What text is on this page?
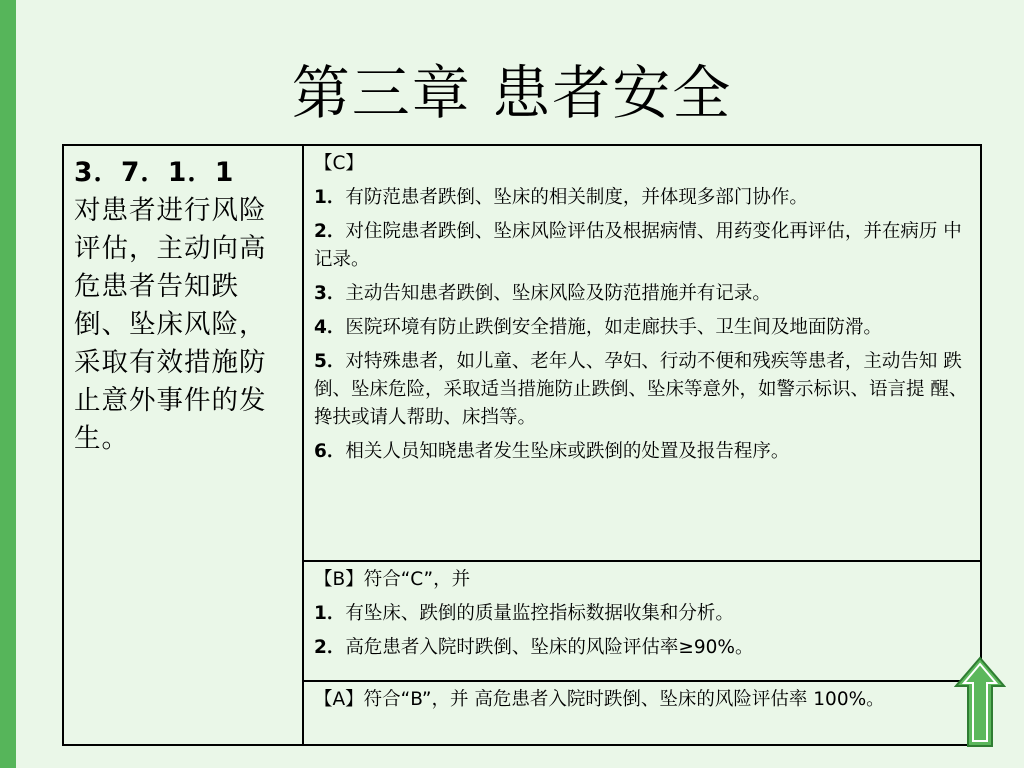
第三章 患者安全
3．7．1．1
对患者进行风险评估，主动向高危患者告知跌倒、坠床风险，采取有效措施防止意外事件的发生。

【C】

1．有防范患者跌倒、坠床的相关制度，并体现多部门协作。

2．对住院患者跌倒、坠床风险评估及根据病情、用药变化再评估，并在病历 中记录。

3．主动告知患者跌倒、坠床风险及防范措施并有记录。

4．医院环境有防止跌倒安全措施，如走廊扶手、卫生间及地面防滑。

5．对特殊患者，如儿童、老年人、孕妇、行动不便和残疾等患者，主动告知 跌倒、坠床危险，采取适当措施防止跌倒、坠床等意外，如警示标识、语言提 醒、搀扶或请人帮助、床挡等。

6．相关人员知晓患者发生坠床或跌倒的处置及报告程序。

【B】符合“C”，并

1．有坠床、跌倒的质量监控指标数据收集和分析。

2．高危患者入院时跌倒、坠床的风险评估率≥90%。

【A】符合“B”，并 高危患者入院时跌倒、坠床的风险评估率 100%。
